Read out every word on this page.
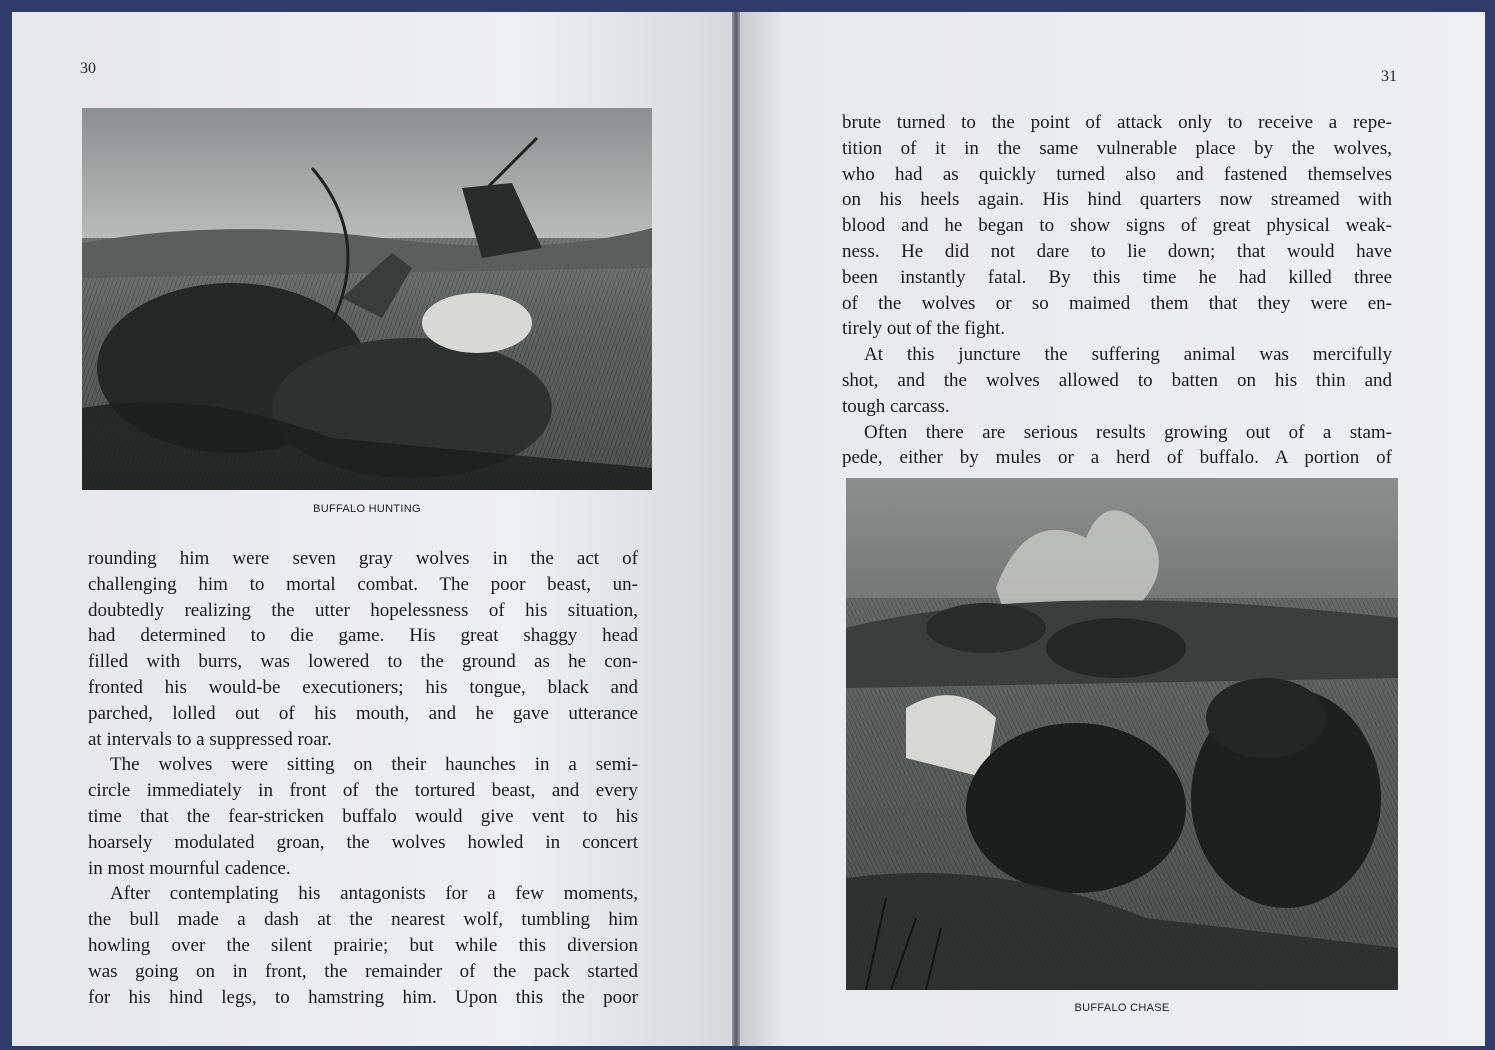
30
BUFFALO HUNTING
rounding him were seven gray wolves in the act of
challenging him to mortal combat. The poor beast, un-
doubtedly realizing the utter hopelessness of his situation,
had determined to die game. His great shaggy head
filled with burrs, was lowered to the ground as he con-
fronted his would-be executioners; his tongue, black and
parched, lolled out of his mouth, and he gave utterance
at intervals to a suppressed roar.
The wolves were sitting on their haunches in a semi-
circle immediately in front of the tortured beast, and every
time that the fear-stricken buffalo would give vent to his
hoarsely modulated groan, the wolves howled in concert
in most mournful cadence.
After contemplating his antagonists for a few moments,
the bull made a dash at the nearest wolf, tumbling him
howling over the silent prairie; but while this diversion
was going on in front, the remainder of the pack started
for his hind legs, to hamstring him. Upon this the poor
31
brute turned to the point of attack only to receive a repe-
tition of it in the same vulnerable place by the wolves,
who had as quickly turned also and fastened themselves
on his heels again. His hind quarters now streamed with
blood and he began to show signs of great physical weak-
ness. He did not dare to lie down; that would have
been instantly fatal. By this time he had killed three
of the wolves or so maimed them that they were en-
tirely out of the fight.
At this juncture the suffering animal was mercifully
shot, and the wolves allowed to batten on his thin and
tough carcass.
Often there are serious results growing out of a stam-
pede, either by mules or a herd of buffalo. A portion of
BUFFALO CHASE
